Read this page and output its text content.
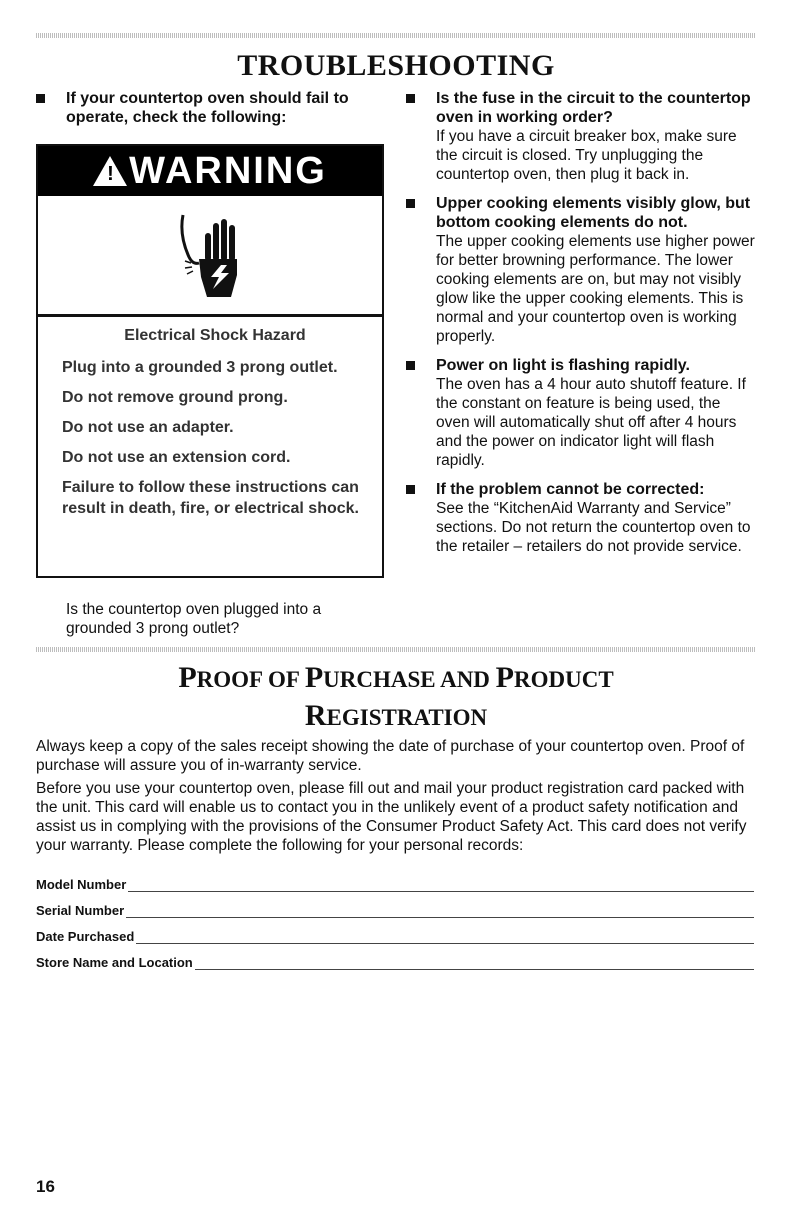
TROUBLESHOOTING
If your countertop oven should fail to operate, check the following:
! WARNING

Electrical Shock Hazard

Plug into a grounded 3 prong outlet.

Do not remove ground prong.

Do not use an adapter.

Do not use an extension cord.

Failure to follow these instructions can result in death, fire, or electrical shock.

Is the countertop oven plugged into a grounded 3 prong outlet?
Is the fuse in the circuit to the countertop oven in working order?
If you have a circuit breaker box, make sure the circuit is closed. Try unplugging the countertop oven, then plug it back in.
Upper cooking elements visibly glow, but bottom cooking elements do not.
The upper cooking elements use higher power for better browning performance. The lower cooking elements are on, but may not visibly glow like the upper cooking elements. This is normal and your countertop oven is working properly.
Power on light is flashing rapidly.
The oven has a 4 hour auto shutoff feature. If the constant on feature is being used, the oven will automatically shut off after 4 hours and the power on indicator light will flash rapidly.
If the problem cannot be corrected:
See the “KitchenAid Warranty and Service” sections. Do not return the countertop oven to the retailer – retailers do not provide service.
PROOF OF PURCHASE AND PRODUCT
REGISTRATION

Always keep a copy of the sales receipt showing the date of purchase of your countertop oven. Proof of purchase will assure you of in-warranty service.

Before you use your countertop oven, please fill out and mail your product registration card packed with the unit. This card will enable us to contact you in the unlikely event of a product safety notification and assist us in complying with the provisions of the Consumer Product Safety Act. This card does not verify your warranty. Please complete the following for your personal records:

Model Number
Serial Number
Date Purchased
Store Name and Location
16
